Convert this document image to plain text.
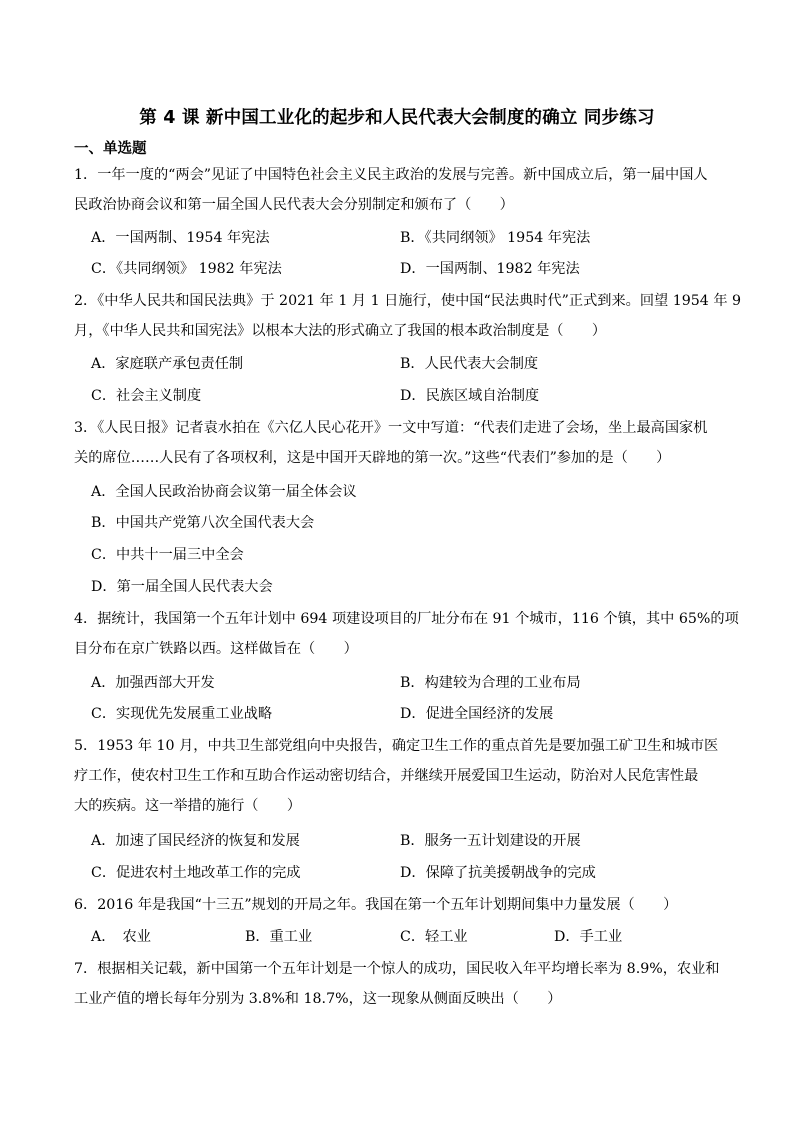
第 4 课 新中国工业化的起步和人民代表大会制度的确立 同步练习
一、单选题

1．一年一度的“两会”见证了中国特色社会主义民主政治的发展与完善。新中国成立后，第一届中国人

民政治协商会议和第一届全国人民代表大会分别制定和颁布了（　　）

A．一国两制、1954 年宪法	B．《共同纲领》 1954 年宪法
C．《共同纲领》 1982 年宪法	D．一国两制、1982 年宪法

2．《中华人民共和国民法典》于 2021 年 1 月 1 日施行，使中国“民法典时代”正式到来。回望 1954 年 9

月，《中华人民共和国宪法》以根本大法的形式确立了我国的根本政治制度是（　　）

A．家庭联产承包责任制	B．人民代表大会制度
C．社会主义制度	D．民族区域自治制度

3．《人民日报》记者袁水拍在《六亿人民心花开》一文中写道：“代表们走进了会场，坐上最高国家机

关的席位……人民有了各项权利，这是中国开天辟地的第一次。”这些“代表们”参加的是（　　）

A．全国人民政治协商会议第一届全体会议
B．中国共产党第八次全国代表大会
C．中共十一届三中全会
D．第一届全国人民代表大会

4．据统计，我国第一个五年计划中 694 项建设项目的厂址分布在 91 个城市，116 个镇，其中 65%的项

目分布在京广铁路以西。这样做旨在（　　）

A．加强西部大开发	B．构建较为合理的工业布局
C．实现优先发展重工业战略	D．促进全国经济的发展

5．1953 年 10 月，中共卫生部党组向中央报告，确定卫生工作的重点首先是要加强工矿卫生和城市医

疗工作，使农村卫生工作和互助合作运动密切结合，并继续开展爱国卫生运动，防治对人民危害性最

大的疾病。这一举措的施行（　　）

A．加速了国民经济的恢复和发展	B．服务一五计划建设的开展
C．促进农村土地改革工作的完成	D．保障了抗美援朝战争的完成

6．2016 年是我国“十三五”规划的开局之年。我国在第一个五年计划期间集中力量发展（　　）

A．　农业	B．重工业	C．轻工业	D．手工业

7．根据相关记载，新中国第一个五年计划是一个惊人的成功，国民收入年平均增长率为 8.9%，农业和

工业产值的增长每年分别为 3.8%和 18.7%，这一现象从侧面反映出（　　）
